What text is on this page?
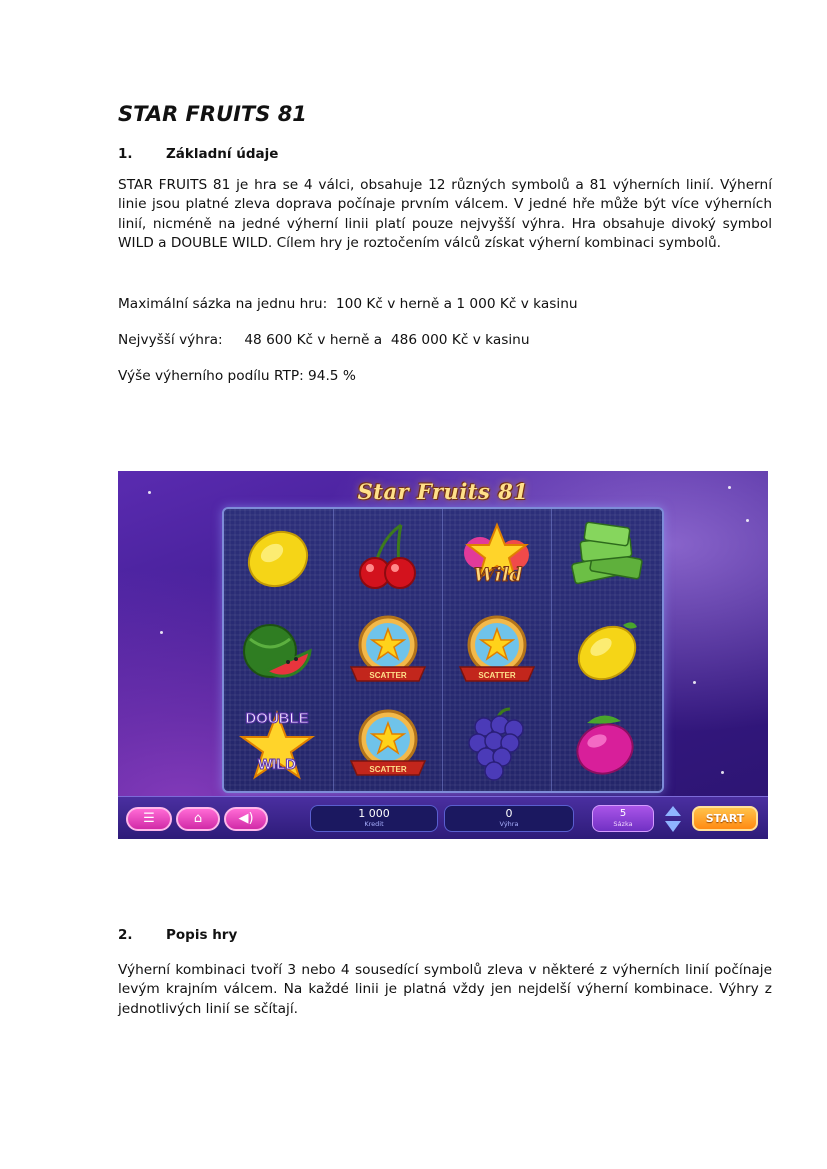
STAR FRUITS 81
1. Základní údaje

STAR FRUITS 81 je hra se 4 válci, obsahuje 12 různých symbolů a 81 výherních linií. Výherní linie jsou platné zleva doprava počínaje prvním válcem. V jedné hře může být více výherních linií, nicméně na jedné výherní linii platí pouze nejvyšší výhra. Hra obsahuje divoký symbol WILD a DOUBLE WILD. Cílem hry je roztočením válců získat výherní kombinaci symbolů.

Maximální sázka na jednu hru:  100 Kč v herně a 1 000 Kč v kasinu

Nejvyšší výhra:     48 600 Kč v herně a  486 000 Kč v kasinu

Výše výherního podílu RTP: 94.5 %

Star Fruits 81
DOUBLE
WILD
SCATTER
SCATTER
Wild
SCATTER
☰	⌂	◀)	1 000
Kredit
0
Výhra
5
Sázka	START
2. Popis hry

Výherní kombinaci tvoří 3 nebo 4 sousedící symbolů zleva v některé z výherních linií počínaje levým krajním válcem. Na každé linii je platná vždy jen nejdelší výherní kombinace. Výhry z jednotlivých linií se sčítají.
